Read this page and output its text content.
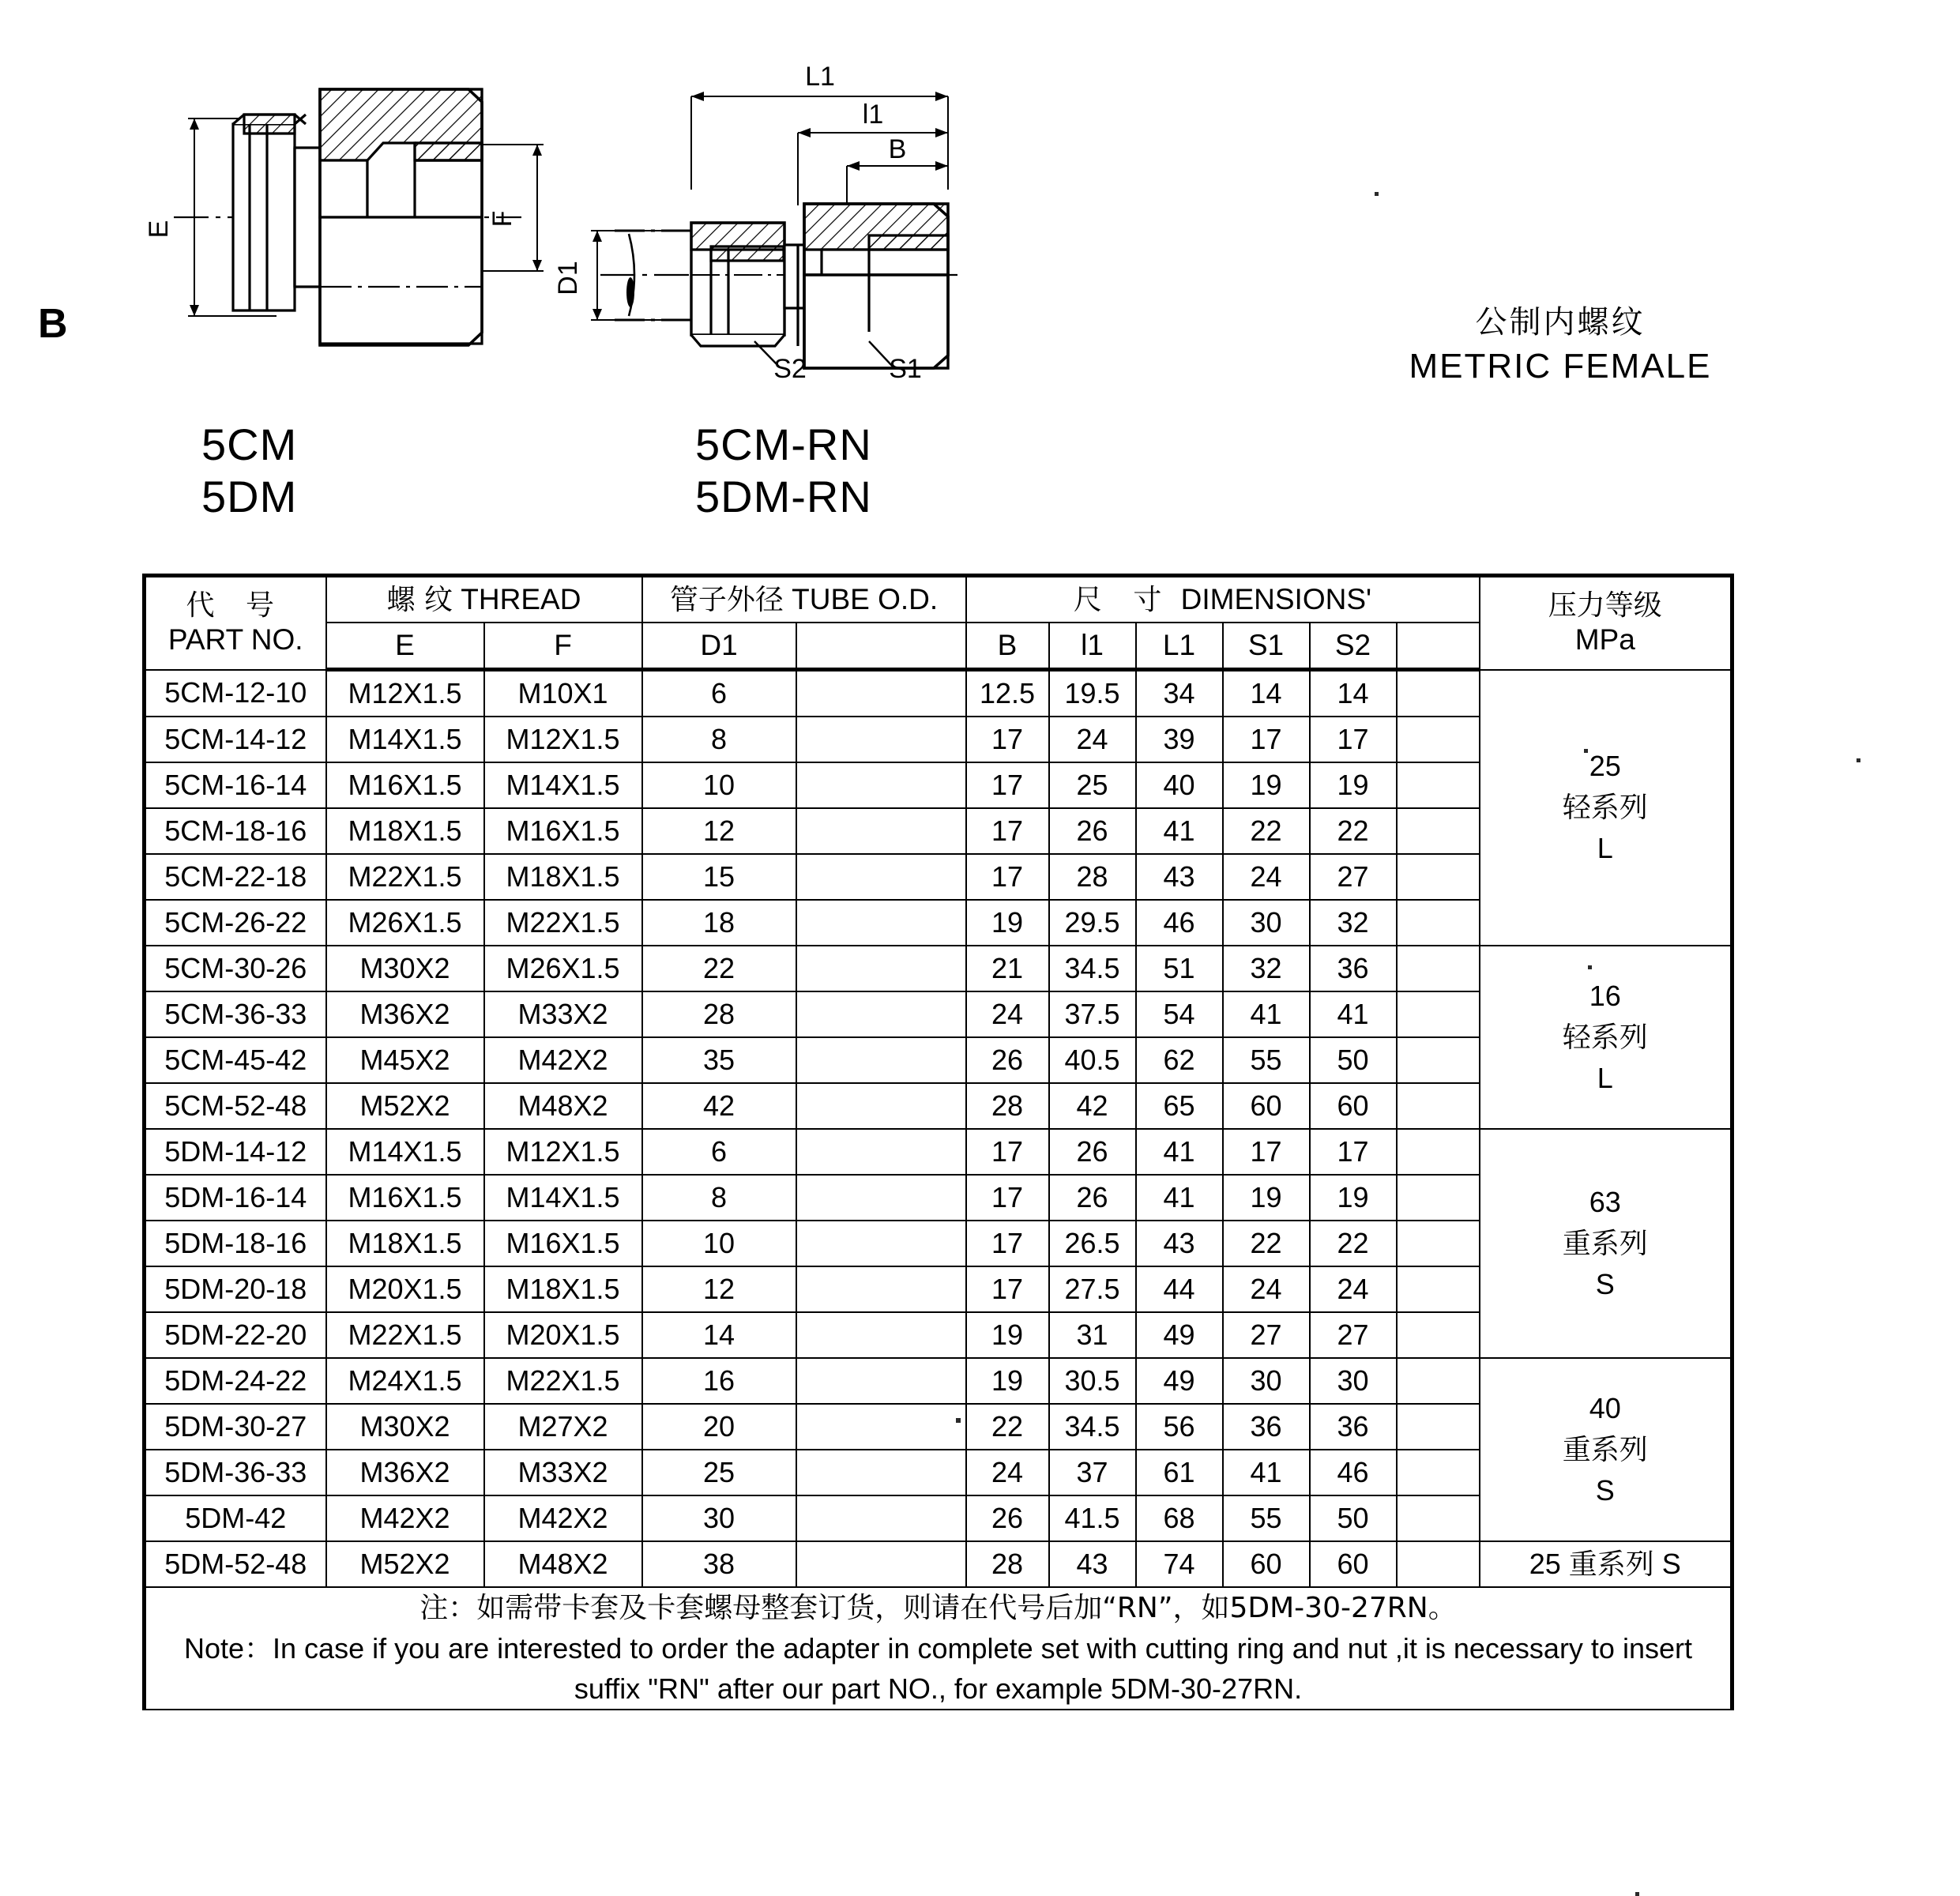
B	公制内螺纹
METRIC FEMALE
E
F
L1
l1
B
D1
S2	S1
5CM
5DM
5CM-RN
5DM-RN
代 号
PART NO.
	螺 纹 THREAD	管子外径 TUBE O.D.	尺 寸 DIMENSIONS'	压力等级
MPa

	E	F	D1		B	l1	L1	S1	S2		
5CM-12-10	M12X1.5	M10X1	6		12.5	19.5	34	14	14		25
轻系列
L

5CM-14-12	M14X1.5	M12X1.5	8		17	24	39	17	17		
5CM-16-14	M16X1.5	M14X1.5	10		17	25	40	19	19		
5CM-18-16	M18X1.5	M16X1.5	12		17	26	41	22	22		
5CM-22-18	M22X1.5	M18X1.5	15		17	28	43	24	27		
5CM-26-22	M26X1.5	M22X1.5	18		19	29.5	46	30	32		
5CM-30-26	M30X2	M26X1.5	22		21	34.5	51	32	36		16
轻系列
L

5CM-36-33	M36X2	M33X2	28		24	37.5	54	41	41		
5CM-45-42	M45X2	M42X2	35		26	40.5	62	55	50		
5CM-52-48	M52X2	M48X2	42		28	42	65	60	60		
5DM-14-12	M14X1.5	M12X1.5	6		17	26	41	17	17		63
重系列
S

5DM-16-14	M16X1.5	M14X1.5	8		17	26	41	19	19		
5DM-18-16	M18X1.5	M16X1.5	10		17	26.5	43	22	22		
5DM-20-18	M20X1.5	M18X1.5	12		17	27.5	44	24	24		
5DM-22-20	M22X1.5	M20X1.5	14		19	31	49	27	27		
5DM-24-22	M24X1.5	M22X1.5	16		19	30.5	49	30	30		40
重系列
S

5DM-30-27	M30X2	M27X2	20		22	34.5	56	36	36		
5DM-36-33	M36X2	M33X2	25		24	37	61	41	46		
5DM-42	M42X2	M42X2	30		26	41.5	68	55	50		
5DM-52-48	M52X2	M48X2	38		28	43	74	60	60		25 重系列 S

注：如需带卡套及卡套螺母整套订货，则请在代号后加“RN”，如5DM-30-27RN。
Note：In case if you are interested to order the adapter in complete set with cutting ring and nut ,it is necessary to insert
suffix "RN" after our part NO., for example 5DM-30-27RN.											
